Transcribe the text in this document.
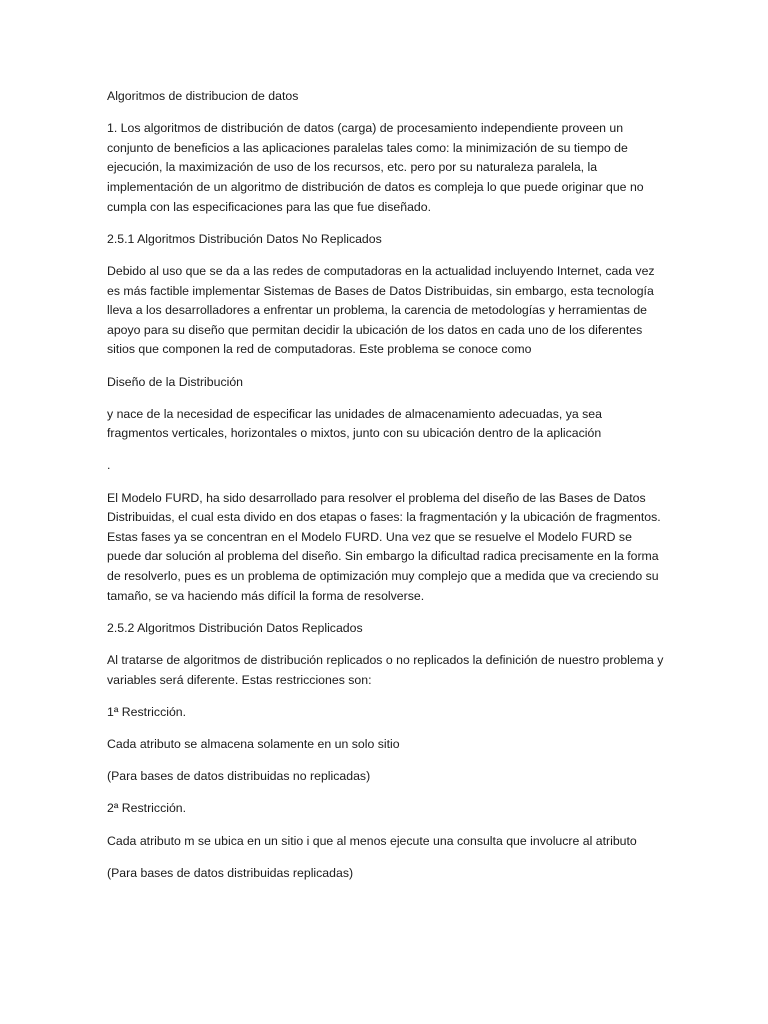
Algoritmos de distribucion de datos

1. Los algoritmos de distribución de datos (carga) de procesamiento independiente proveen un conjunto de beneficios a las aplicaciones paralelas tales como: la minimización de su tiempo de ejecución, la maximización de uso de los recursos, etc. pero por su naturaleza paralela, la implementación de un algoritmo de distribución de datos es compleja lo que puede originar que no cumpla con las especificaciones para las que fue diseñado.

2.5.1 Algoritmos Distribución Datos No Replicados

Debido al uso que se da a las redes de computadoras en la actualidad incluyendo Internet, cada vez es más factible implementar Sistemas de Bases de Datos Distribuidas, sin embargo, esta tecnología lleva a los desarrolladores a enfrentar un problema, la carencia de metodologías y herramientas de apoyo para su diseño que permitan decidir la ubicación de los datos en cada uno de los diferentes sitios que componen la red de computadoras. Este problema se conoce como

Diseño de la Distribución

y nace de la necesidad de especificar las unidades de almacenamiento adecuadas, ya sea fragmentos verticales, horizontales o mixtos, junto con su ubicación dentro de la aplicación

.

El Modelo FURD, ha sido desarrollado para resolver el problema del diseño de las Bases de Datos Distribuidas, el cual esta divido en dos etapas o fases: la fragmentación y la ubicación de fragmentos. Estas fases ya se concentran en el Modelo FURD. Una vez que se resuelve el Modelo FURD se puede dar solución al problema del diseño. Sin embargo la dificultad radica precisamente en la forma de resolverlo, pues es un problema de optimización muy complejo que a medida que va creciendo su tamaño, se va haciendo más difícil la forma de resolverse.

2.5.2 Algoritmos Distribución Datos Replicados

Al tratarse de algoritmos de distribución replicados o no replicados la definición de nuestro problema y variables será diferente. Estas restricciones son:

1ª Restricción.

Cada atributo se almacena solamente en un solo sitio

(Para bases de datos distribuidas no replicadas)

2ª Restricción.

Cada atributo m se ubica en un sitio i que al menos ejecute una consulta que involucre al atributo

(Para bases de datos distribuidas replicadas)
